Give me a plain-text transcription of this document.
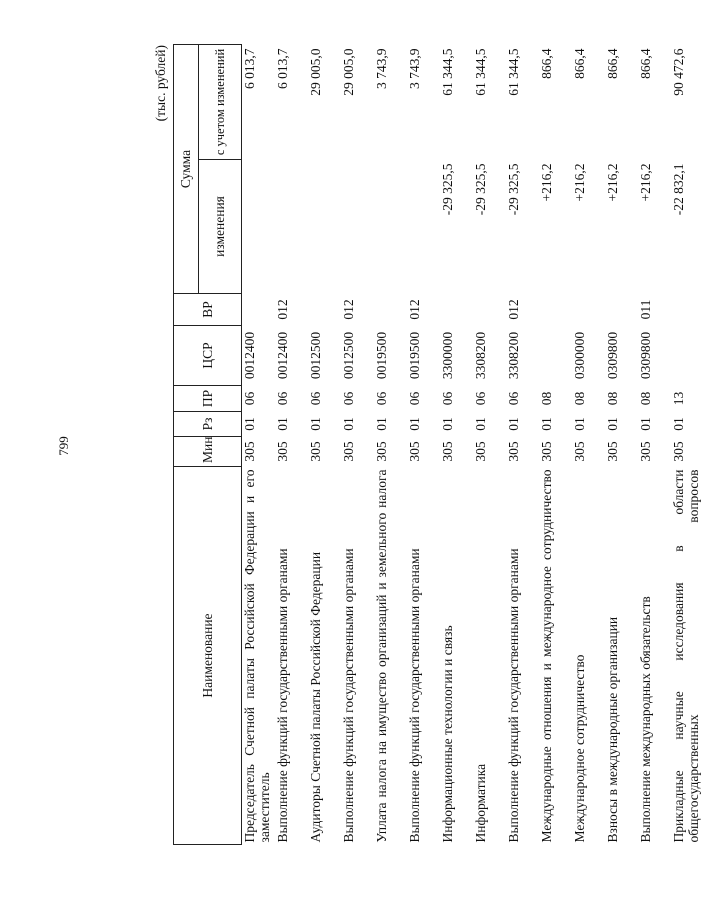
799
(тыс. рублей)
Наименование	Мин	Рз	ПР	ЦСР	ВР	Сумма	
						изменения	с учетом изменений
Председатель Счетной палаты Российской Федерации и его заместитель	305	01	06	0012400			6 013,7
Выполнение функций государственными органами	305	01	06	0012400	012		6 013,7
Аудиторы Счетной палаты Российской Федерации	305	01	06	0012500			29 005,0
Выполнение функций государственными органами	305	01	06	0012500	012		29 005,0
Уплата налога на имущество организаций и земельного налога	305	01	06	0019500			3 743,9
Выполнение функций государственными органами	305	01	06	0019500	012		3 743,9
Информационные технологии и связь	305	01	06	3300000		-29 325,5	61 344,5
Информатика	305	01	06	3308200		-29 325,5	61 344,5
Выполнение функций государственными органами	305	01	06	3308200	012	-29 325,5	61 344,5
Международные отношения и международное сотрудничество	305	01	08			+216,2	866,4
Международное сотрудничество	305	01	08	0300000		+216,2	866,4
Взносы в международные организации	305	01	08	0309800		+216,2	866,4
Выполнение международных обязательств	305	01	08	0309800	011	+216,2	866,4
Прикладные научные исследования в области общегосударственных вопросов	305	01	13			-22 832,1	90 472,6
